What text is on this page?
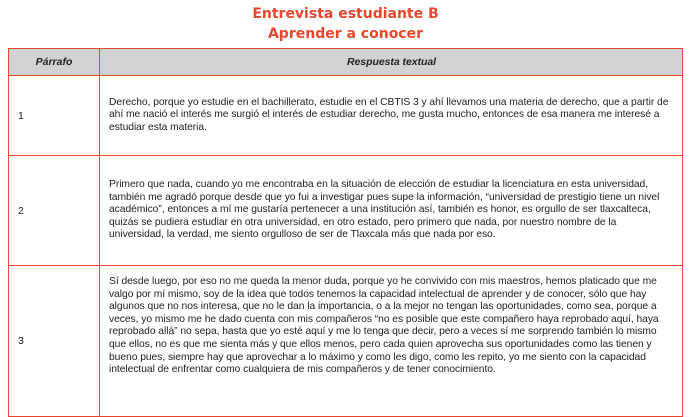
Entrevista estudiante B
Aprender a conocer
Párrafo	Respuesta textual
1
Derecho, porque yo estudie en el bachillerato, estudie en el CBTIS 3 y ahí llevamos una materia de derecho, que a partir de ahí me nació el interés me surgió el interés de estudiar derecho, me gusta mucho, entonces de esa manera me interesé a estudiar esta materia.
2
Primero que nada, cuando yo me encontraba en la situación de elección de estudiar la licenciatura en esta universidad, también me agradó porque desde que yo fui a investigar pues supe la información, “universidad de prestigio tiene un nivel académico”, entonces a mí me gustaría pertenecer a una institución así, también es honor, es orgullo de ser tlaxcalteca, quizás se pudiera estudiar en otra universidad, en otro estado, pero primero que nada, por nuestro nombre de la universidad, la verdad, me siento orgulloso de ser de Tlaxcala más que nada por eso.
3
Sí desde luego, por eso no me queda la menor duda, porque yo he convivido con mis maestros, hemos platicado que me valgo por mí mismo, soy de la idea que todos tenemos la capacidad intelectual de aprender y de conocer, sólo que hay algunos que no nos interesa, que no le dan la importancia, o a la mejor no tengan las oportunidades, como sea, porque a veces, yo mismo me he dado cuenta con mis compañeros “no es posible que este compañero haya reprobado aquí, haya reprobado allá” no sepa, hasta que yo esté aquí y me lo tenga que decir, pero a veces sí me sorprendo también lo mismo que ellos, no es que me sienta más y que ellos menos, pero cada quien aprovecha sus oportunidades como las tienen y bueno pues, siempre hay que aprovechar a lo máximo y como les digo, como les repito, yo me siento con la capacidad intelectual de enfrentar como cualquiera de mis compañeros y de tener conocimiento.
